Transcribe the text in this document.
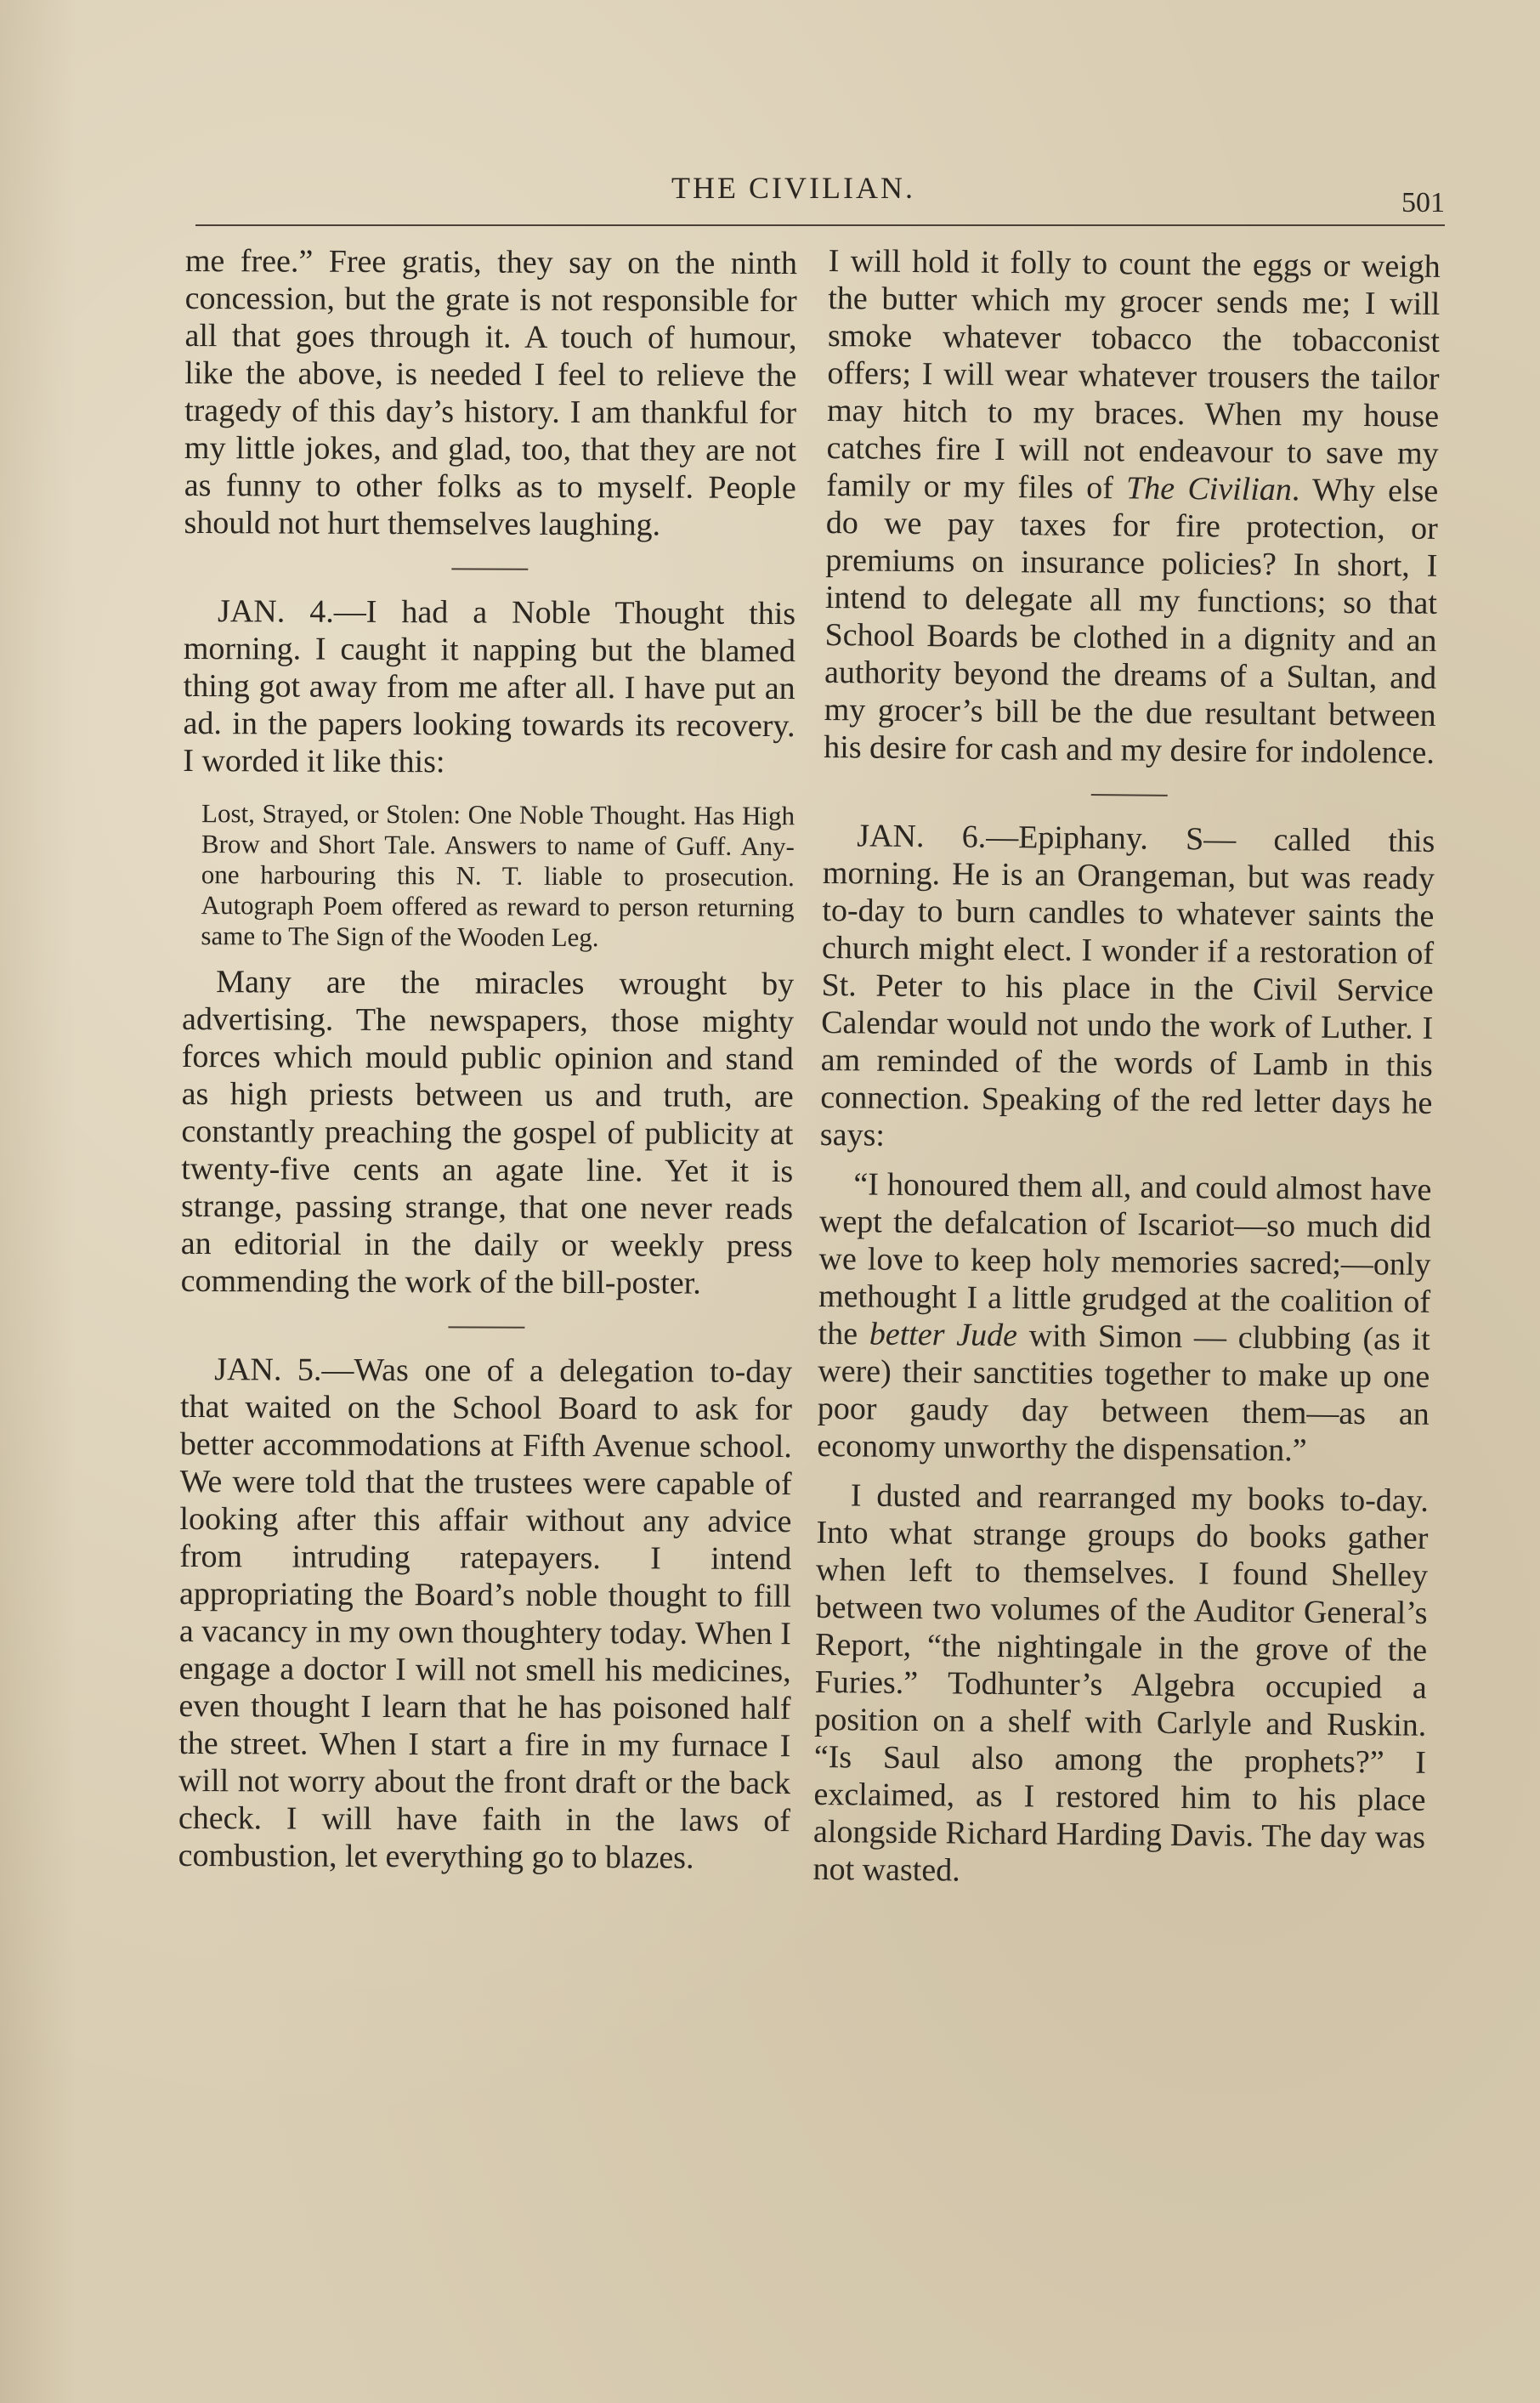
THE CIVILIAN.	501

me free.” Free gratis, they say on the ninth concession, but the grate is not responsible for all that goes through it. A touch of humour, like the above, is needed I feel to relieve the tragedy of this day’s history. I am thankful for my little jokes, and glad, too, that they are not as funny to other folks as to myself. People should not hurt themselves laughing.

JAN. 4.—I had a Noble Thought this morning. I caught it napping but the blamed thing got away from me after all. I have put an ad. in the papers looking towards its recovery. I worded it like this:

Lost, Strayed, or Stolen: One Noble Thought. Has High Brow and Short Tale. Answers to name of Guff. Any-one harbouring this N. T. liable to prosecution. Autograph Poem offered as reward to person returning same to The Sign of the Wooden Leg.

Many are the miracles wrought by advertising. The newspapers, those mighty forces which mould public opinion and stand as high priests between us and truth, are constantly preaching the gospel of publicity at twenty-five cents an agate line. Yet it is strange, passing strange, that one never reads an editorial in the daily or weekly press commending the work of the bill-poster.

JAN. 5.—Was one of a delegation to-day that waited on the School Board to ask for better accommodations at Fifth Avenue school. We were told that the trustees were capable of looking after this affair without any advice from intruding ratepayers. I intend appropriating the Board’s noble thought to fill a vacancy in my own thoughtery today. When I engage a doctor I will not smell his medicines, even thought I learn that he has poisoned half the street. When I start a fire in my furnace I will not worry about the front draft or the back check. I will have faith in the laws of combustion, let everything go to blazes.

I will hold it folly to count the eggs or weigh the butter which my grocer sends me; I will smoke whatever tobacco the tobacconist offers; I will wear whatever trousers the tailor may hitch to my braces. When my house catches fire I will not endeavour to save my family or my files of The Civilian. Why else do we pay taxes for fire protection, or premiums on insurance policies? In short, I intend to delegate all my functions; so that School Boards be clothed in a dignity and an authority beyond the dreams of a Sultan, and my grocer’s bill be the due resultant between his desire for cash and my desire for indolence.

JAN. 6.—Epiphany. S— called this morning. He is an Orangeman, but was ready to-day to burn candles to whatever saints the church might elect. I wonder if a restoration of St. Peter to his place in the Civil Service Calendar would not undo the work of Luther. I am reminded of the words of Lamb in this connection. Speaking of the red letter days he says:

“I honoured them all, and could almost have wept the defalcation of Iscariot—so much did we love to keep holy memories sacred;—only methought I a little grudged at the coalition of the better Jude with Simon — clubbing (as it were) their sanctities together to make up one poor gaudy day between them—as an economy unworthy the dispensation.”

I dusted and rearranged my books to-day. Into what strange groups do books gather when left to themselves. I found Shelley between two volumes of the Auditor General’s Report, “the nightingale in the grove of the Furies.” Todhunter’s Algebra occupied a position on a shelf with Carlyle and Ruskin. “Is Saul also among the prophets?” I exclaimed, as I restored him to his place alongside Richard Harding Davis. The day was not wasted.
